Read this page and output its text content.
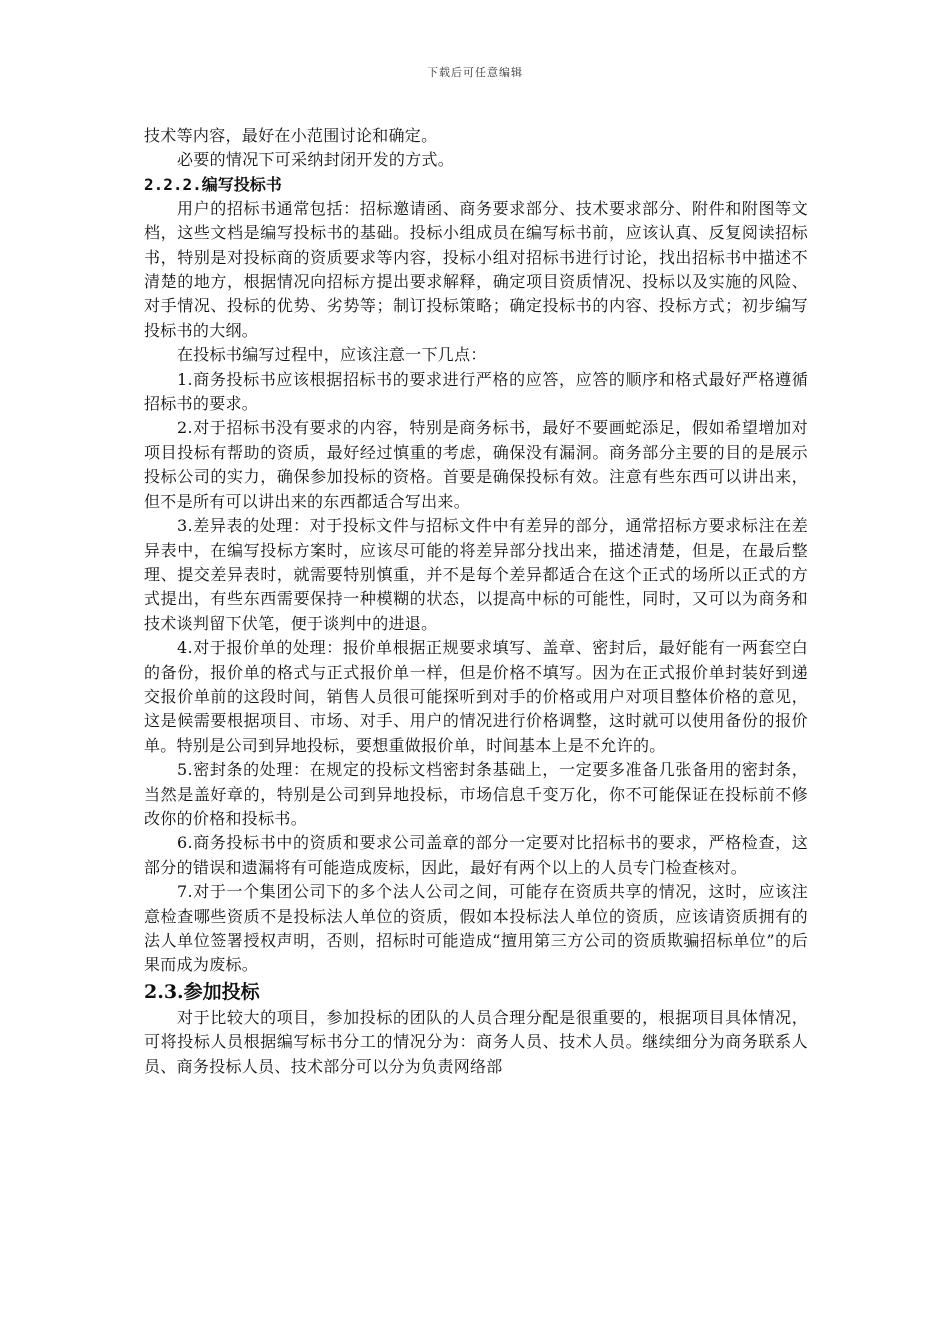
下载后可任意编辑
技术等内容，最好在小范围讨论和确定。

必要的情况下可采纳封闭开发的方式。

2.2.2.编写投标书

用户的招标书通常包括：招标邀请函、商务要求部分、技术要求部分、附件和附图等文档，这些文档是编写投标书的基础。投标小组成员在编写标书前，应该认真、反复阅读招标书，特别是对投标商的资质要求等内容，投标小组对招标书进行讨论，找出招标书中描述不清楚的地方，根据情况向招标方提出要求解释，确定项目资质情况、投标以及实施的风险、对手情况、投标的优势、劣势等；制订投标策略；确定投标书的内容、投标方式；初步编写投标书的大纲。

在投标书编写过程中，应该注意一下几点：

1.商务投标书应该根据招标书的要求进行严格的应答，应答的顺序和格式最好严格遵循招标书的要求。

2.对于招标书没有要求的内容，特别是商务标书，最好不要画蛇添足，假如希望增加对项目投标有帮助的资质，最好经过慎重的考虑，确保没有漏洞。商务部分主要的目的是展示投标公司的实力，确保参加投标的资格。首要是确保投标有效。注意有些东西可以讲出来，但不是所有可以讲出来的东西都适合写出来。

3.差异表的处理：对于投标文件与招标文件中有差异的部分，通常招标方要求标注在差异表中，在编写投标方案时，应该尽可能的将差异部分找出来，描述清楚，但是，在最后整理、提交差异表时，就需要特别慎重，并不是每个差异都适合在这个正式的场所以正式的方式提出，有些东西需要保持一种模糊的状态，以提高中标的可能性，同时，又可以为商务和技术谈判留下伏笔，便于谈判中的进退。

4.对于报价单的处理：报价单根据正规要求填写、盖章、密封后，最好能有一两套空白的备份，报价单的格式与正式报价单一样，但是价格不填写。因为在正式报价单封装好到递交报价单前的这段时间，销售人员很可能探听到对手的价格或用户对项目整体价格的意见，这是候需要根据项目、市场、对手、用户的情况进行价格调整，这时就可以使用备份的报价单。特别是公司到异地投标，要想重做报价单，时间基本上是不允许的。

5.密封条的处理：在规定的投标文档密封条基础上，一定要多准备几张备用的密封条，当然是盖好章的，特别是公司到异地投标，市场信息千变万化，你不可能保证在投标前不修改你的价格和投标书。

6.商务投标书中的资质和要求公司盖章的部分一定要对比招标书的要求，严格检查，这部分的错误和遗漏将有可能造成废标，因此，最好有两个以上的人员专门检查核对。

7.对于一个集团公司下的多个法人公司之间，可能存在资质共享的情况，这时，应该注意检查哪些资质不是投标法人单位的资质，假如本投标法人单位的资质，应该请资质拥有的法人单位签署授权声明，否则，招标时可能造成“擅用第三方公司的资质欺骗招标单位”的后果而成为废标。

2.3.参加投标

对于比较大的项目，参加投标的团队的人员合理分配是很重要的，根据项目具体情况，可将投标人员根据编写标书分工的情况分为：商务人员、技术人员。继续细分为商务联系人员、商务投标人员、技术部分可以分为负责网络部
